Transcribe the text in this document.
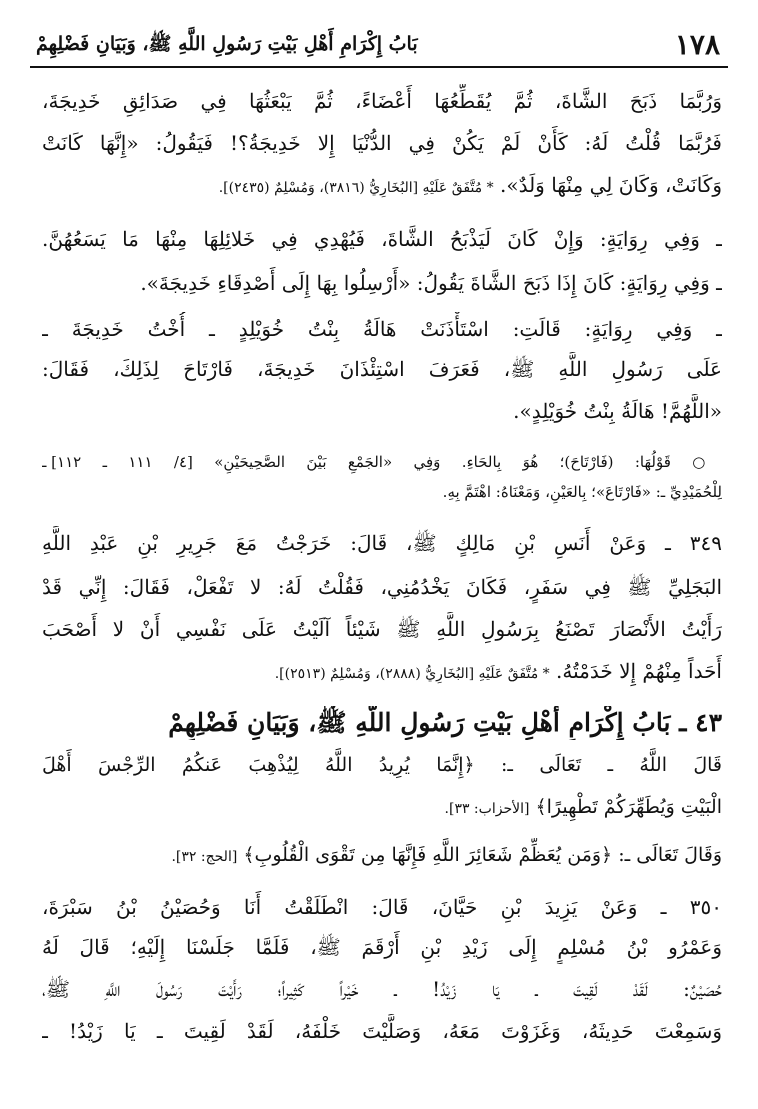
١٧٨
بَابُ إِكْرَامِ أَهْلِ بَيْتِ رَسُولِ اللَّهِ ﷺ، وَبَيَانِ فَضْلِهِمْ
وَرُبَّمَا ذَبَحَ الشَّاةَ، ثُمَّ يُقَطِّعُهَا أَعْضَاءً، ثُمَّ يَبْعَثُهَا فِي صَدَائِقِ خَدِيجَةَ،
فَرُبَّمَا قُلْتُ لَهُ: كَأَنْ لَمْ يَكُنْ فِي الدُّنْيَا إِلا خَدِيجَةُ؟! فَيَقُولُ: «إِنَّهَا كَانَتْ
وَكَانَتْ، وَكَانَ لِي مِنْهَا وَلَدٌ». * مُتَّفَقٌ عَلَيْهِ [البُخَارِيُّ (٣٨١٦)، وَمُسْلِمٌ (٢٤٣٥)].
ـ وَفِي رِوَايَةٍ: وَإِنْ كَانَ لَيَذْبَحُ الشَّاةَ، فَيُهْدِي فِي خَلائِلِهَا مِنْهَا مَا يَسَعُهُنَّ.
ـ وَفِي رِوَايَةٍ: كَانَ إِذَا ذَبَحَ الشَّاةَ يَقُولُ: «أَرْسِلُوا بِهَا إِلَى أَصْدِقَاءِ خَدِيجَةَ».
ـ وَفِي رِوَايَةٍ: قَالَتِ: اسْتَأْذَنَتْ هَالَةُ بِنْتُ خُوَيْلِدٍ ـ أُخْتُ خَدِيجَةَ ـ
عَلَى رَسُولِ اللَّهِ ﷺ، فَعَرَفَ اسْتِئْذَانَ خَدِيجَةَ، فَارْتَاحَ لِذَلِكَ، فَقَالَ:
«اللَّهُمَّ! هَالَةُ بِنْتُ خُوَيْلِدٍ».
○ قَوْلُهَا: (فَارْتَاحَ)؛ هُوَ بِالحَاءِ. وَفِي «الجَمْعِ بَيْنَ الصَّحِيحَيْنِ» [٤/ ١١١ ـ ١١٢] ـ
لِلْحُمَيْدِيِّ ـ: «فَارْتَاعَ»؛ بِالعَيْنِ، وَمَعْنَاهُ: اهْتَمَّ بِهِ.
٣٤٩ ـ وَعَنْ أَنَسِ بْنِ مَالِكٍ ﷺ، قَالَ: خَرَجْتُ مَعَ جَرِيرِ بْنِ عَبْدِ اللَّهِ
البَجَلِيِّ ﷺ فِي سَفَرٍ، فَكَانَ يَخْدُمُنِي، فَقُلْتُ لَهُ: لا تَفْعَلْ، فَقَالَ: إِنِّي قَدْ
رَأَيْتُ الأَنْصَارَ تَصْنَعُ بِرَسُولِ اللَّهِ ﷺ شَيْئاً آلَيْتُ عَلَى نَفْسِي أَنْ لا أَصْحَبَ
أَحَداً مِنْهُمْ إِلا خَدَمْتُهُ. * مُتَّفَقٌ عَلَيْهِ [البُخَارِيُّ (٢٨٨٨)، وَمُسْلِمٌ (٢٥١٣)].
٤٣ ـ بَابُ إِكْرَامِ أَهْلِ بَيْتِ رَسُولِ اللَّهِ ﷺ، وَبَيَانِ فَضْلِهِمْ
قَالَ اللَّهُ ـ تَعَالَى ـ: ﴿إِنَّمَا يُرِيدُ اللَّهُ لِيُذْهِبَ عَنكُمُ الرِّجْسَ أَهْلَ
الْبَيْتِ وَيُطَهِّرَكُمْ تَطْهِيرًا﴾ [الأحزاب: ٣٣].
وَقَالَ تَعَالَى ـ: ﴿وَمَن يُعَظِّمْ شَعَائِرَ اللَّهِ فَإِنَّهَا مِن تَقْوَى الْقُلُوبِ﴾ [الحج: ٣٢].
٣٥٠ ـ وَعَنْ يَزِيدَ بْنِ حَيَّانَ، قَالَ: انْطَلَقْتُ أَنَا وَحُصَيْنُ بْنُ سَبْرَةَ،
وَعَمْرُو بْنُ مُسْلِمٍ إِلَى زَيْدِ بْنِ أَرْقَمَ ﷺ، فَلَمَّا جَلَسْنَا إِلَيْهِ؛ قَالَ لَهُ
حُصَيْنٌ: لَقَدْ لَقِيتَ ـ يَا زَيْدُ! ـ خَيْراً كَثِيراً؛ رَأَيْتَ رَسُولَ اللَّهِ ﷺ،
وَسَمِعْتَ حَدِيثَهُ، وَغَزَوْتَ مَعَهُ، وَصَلَّيْتَ خَلْفَهُ، لَقَدْ لَقِيتَ ـ يَا زَيْدُ! ـ
